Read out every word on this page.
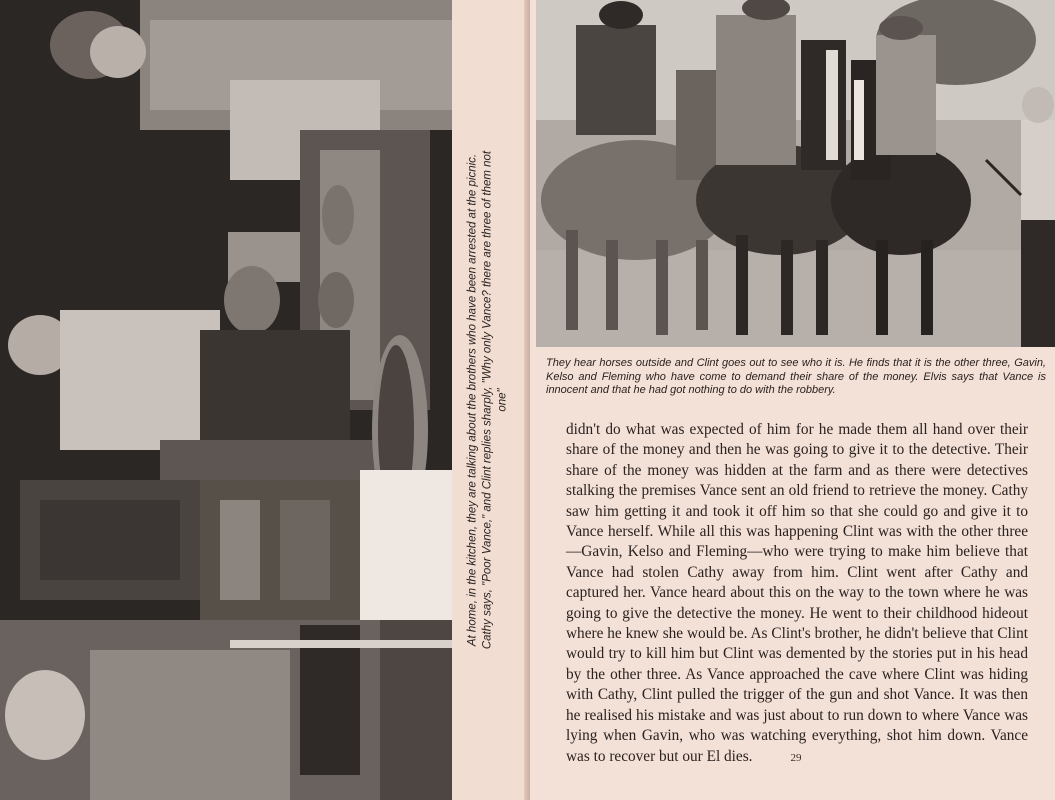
At home, in the kitchen, they are talking about the brothers who have been arrested at the picnic. Cathy says, "Poor Vance," and Clint replies sharply, "Why only Vance? there are three of them not one"
They hear horses outside and Clint goes out to see who it is. He finds that it is the other three, Gavin, Kelso and Fleming who have come to demand their share of the money. Elvis says that Vance is innocent and that he had got nothing to do with the robbery.

didn't do what was expected of him for he made them all hand over their share of the money and then he was going to give it to the detective. Their share of the money was hidden at the farm and as there were detectives stalking the premises Vance sent an old friend to retrieve the money. Cathy saw him getting it and took it off him so that she could go and give it to Vance herself. While all this was happening Clint was with the other three—Gavin, Kelso and Fleming—who were trying to make him believe that Vance had stolen Cathy away from him. Clint went after Cathy and captured her. Vance heard about this on the way to the town where he was going to give the detective the money. He went to their childhood hideout where he knew she would be. As Clint's brother, he didn't believe that Clint would try to kill him but Clint was demented by the stories put in his head by the other three. As Vance approached the cave where Clint was hiding with Cathy, Clint pulled the trigger of the gun and shot Vance. It was then he realised his mistake and was just about to run down to where Vance was lying when Gavin, who was watching everything, shot him down. Vance was to recover but our El dies.	29
